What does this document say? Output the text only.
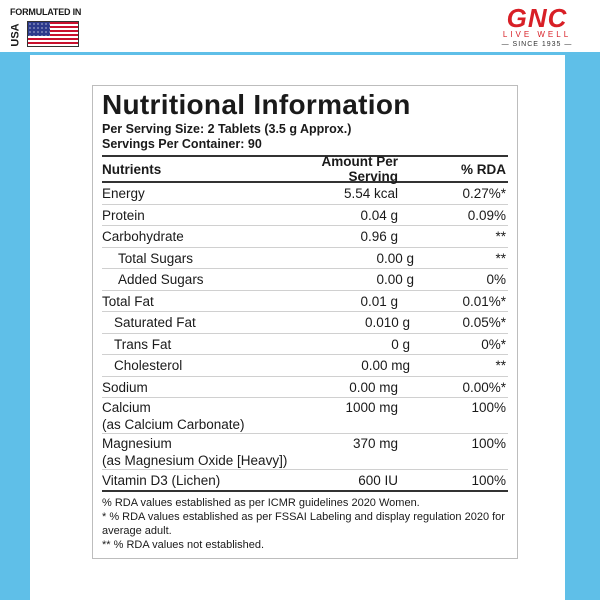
FORMULATED IN
USA
GNC
LIVE WELL
— SINCE 1935 —
Nutritional Information
Per Serving Size: 2 Tablets (3.5 g Approx.)
Servings Per Container: 90
Nutrients	Amount Per Serving	% RDA
Energy	5.54 kcal	0.27%*
Protein	0.04 g	0.09%
Carbohydrate	0.96 g	**
Total Sugars	0.00 g	**
Added Sugars	0.00 g	0%
Total Fat	0.01 g	0.01%*
Saturated Fat	0.010 g	0.05%*
Trans Fat	0 g	0%*
Cholesterol	0.00 mg	**
Sodium	0.00 mg	0.00%*
Calcium
(as Calcium Carbonate)
1000 mg	100%
Magnesium
(as Magnesium Oxide [Heavy])
370 mg	100%
Vitamin D3 (Lichen)	600 IU	100%
% RDA values established as per ICMR guidelines 2020 Women.
* % RDA values established as per FSSAI Labeling and display regulation 2020 for average adult.
** % RDA values not established.
